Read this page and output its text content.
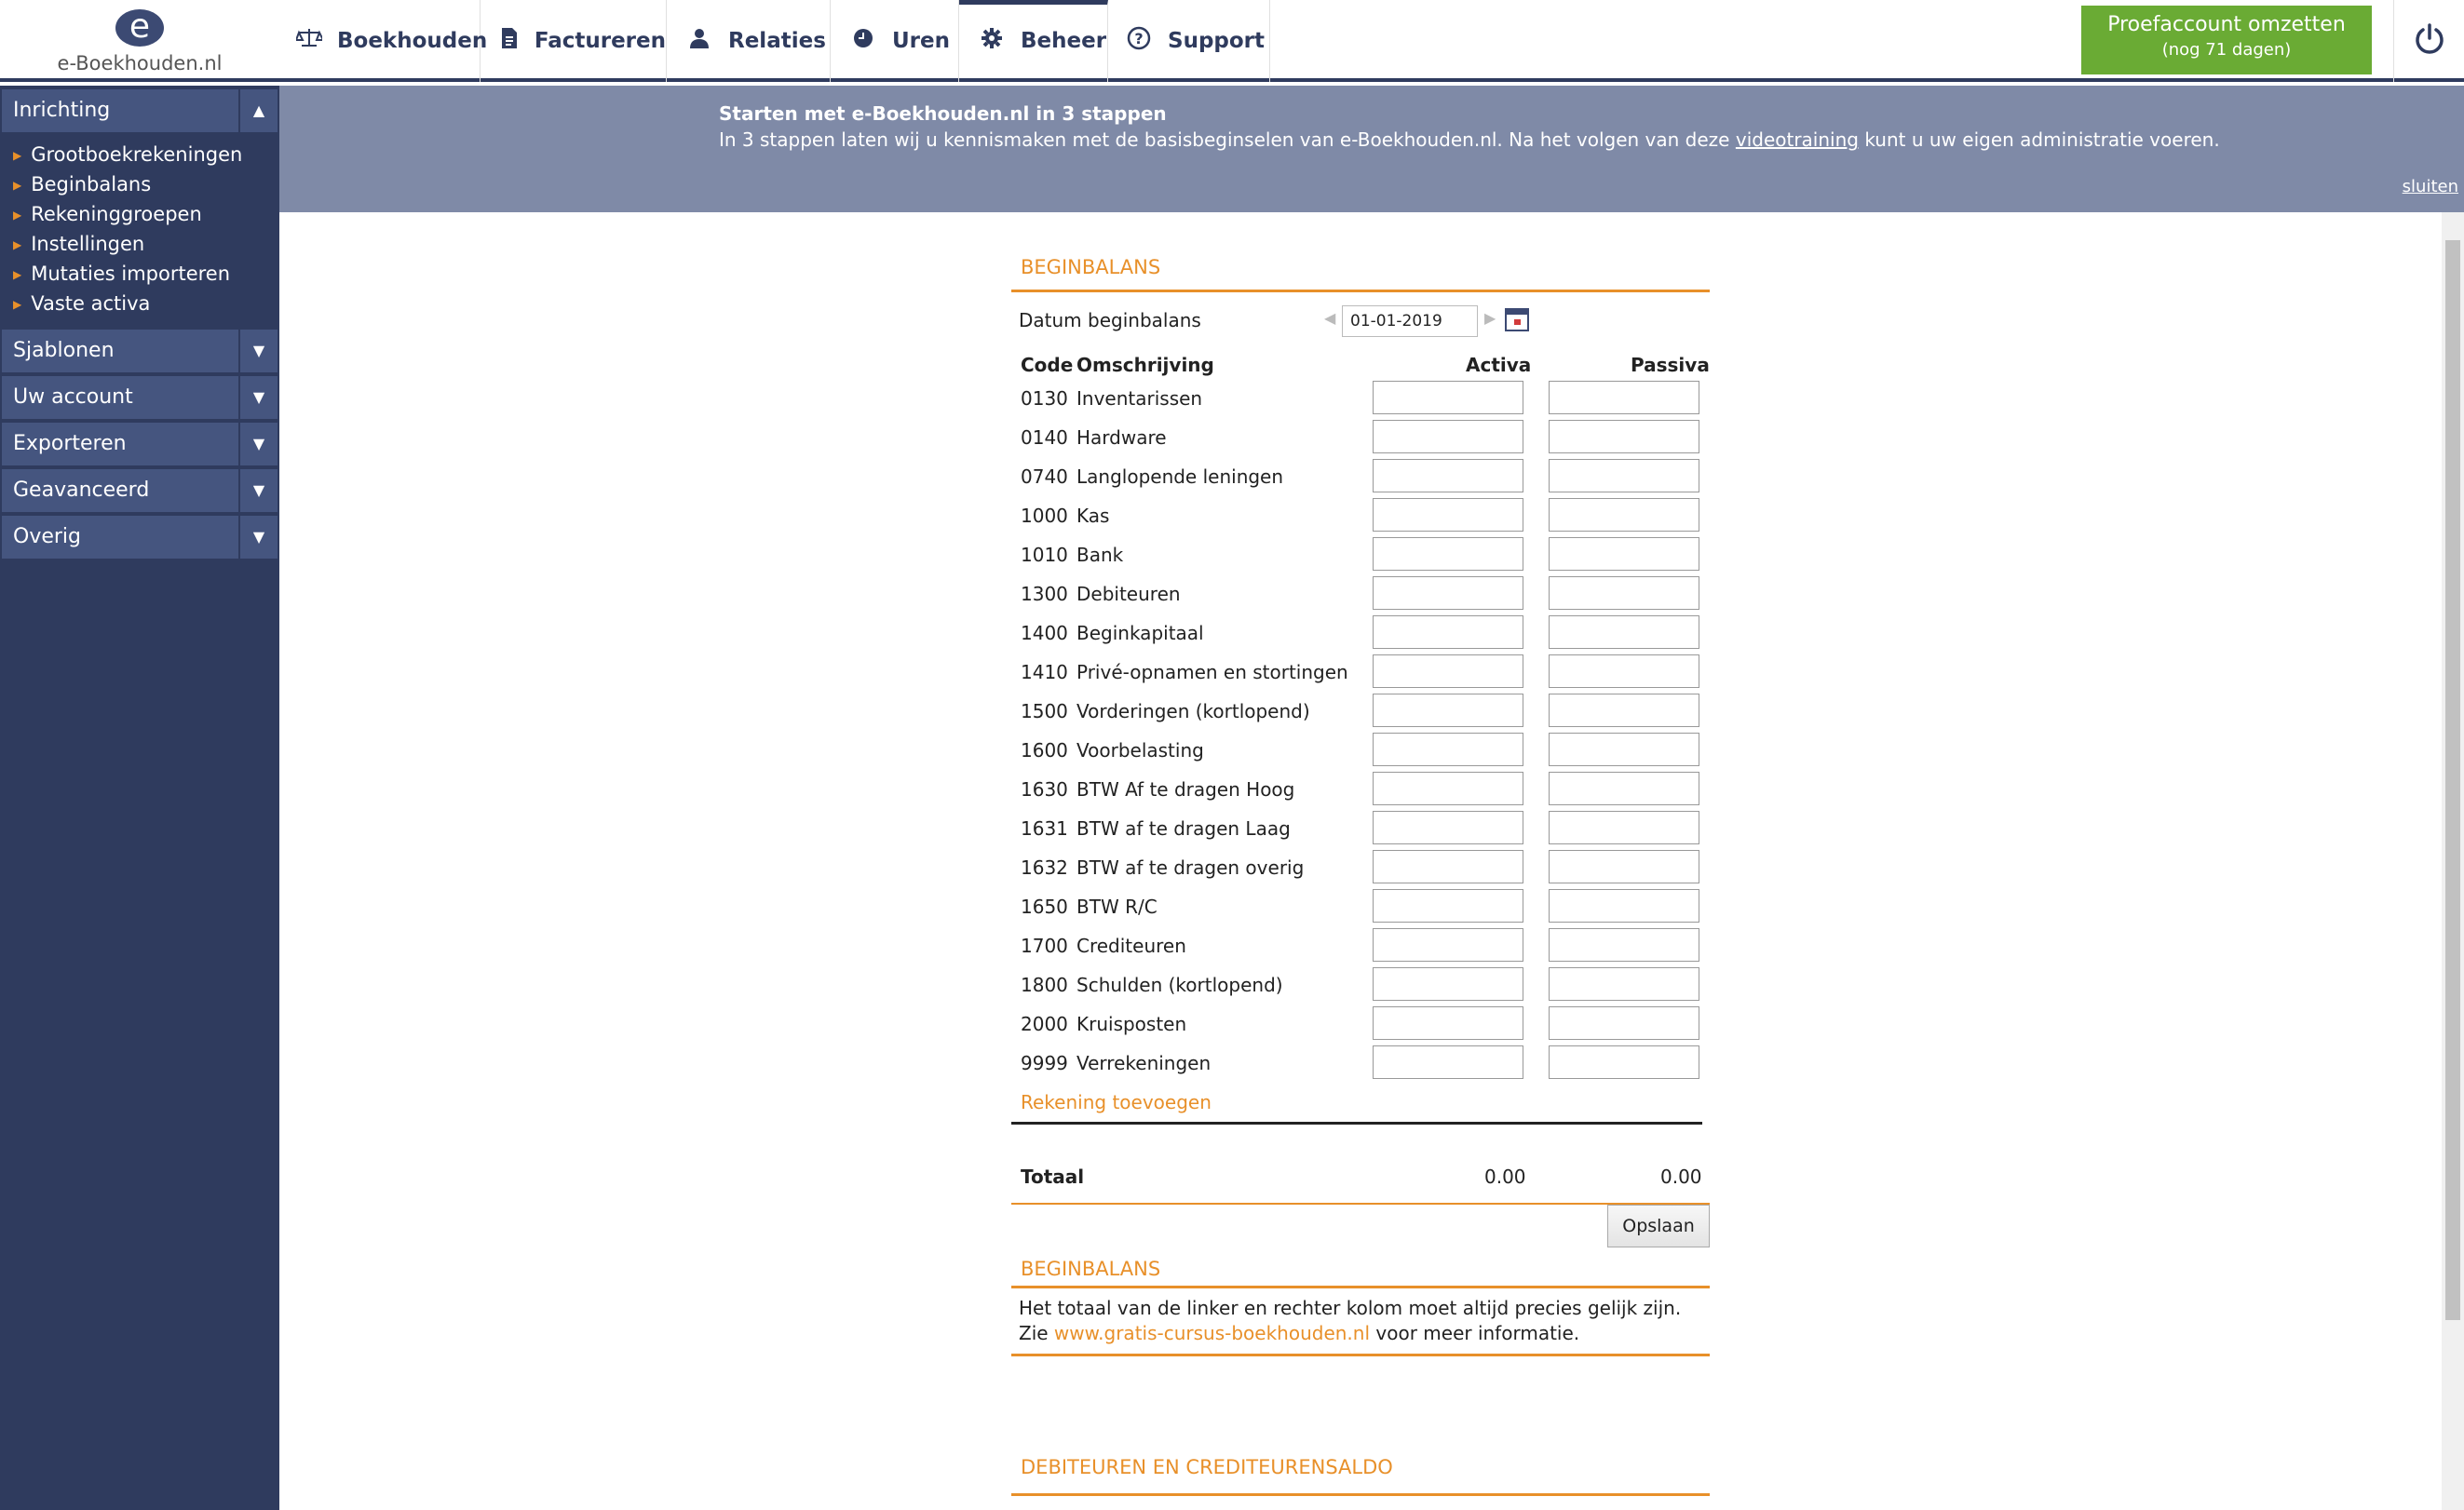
e
e-Boekhouden.nl
Boekhouden Factureren	Relaties	Uren	Beheer ? Support
Proefaccount omzetten
(nog 71 dagen)
Inrichting	▲
▶ Grootboekrekeningen
▶ Beginbalans
▶ Rekeninggroepen
▶ Instellingen
▶ Mutaties importeren
▶ Vaste activa
Sjablonen	▼
Uw account	▼
Exporteren	▼
Geavanceerd	▼
Overig	▼
Starten met e-Boekhouden.nl in 3 stappen
In 3 stappen laten wij u kennismaken met de basisbeginselen van e-Boekhouden.nl. Na het volgen van deze videotraining kunt u uw eigen administratie voeren.
sluiten
BEGINBALANS
Datum beginbalans	◀ 01-01-2019	▶
Code Omschrijving	Activa	Passiva
0130 Inventarissen
0140 Hardware
0740 Langlopende leningen
1000 Kas
1010 Bank
1300 Debiteuren
1400 Beginkapitaal
1410 Privé-opnamen en stortingen
1500 Vorderingen (kortlopend)
1600 Voorbelasting
1630 BTW Af te dragen Hoog
1631 BTW af te dragen Laag
1632 BTW af te dragen overig
1650 BTW R/C
1700 Crediteuren
1800 Schulden (kortlopend)
2000 Kruisposten
9999 Verrekeningen
Rekening toevoegen
Totaal	0.00	0.00
Opslaan
BEGINBALANS
Het totaal van de linker en rechter kolom moet altijd precies gelijk zijn. Zie www.gratis-cursus-boekhouden.nl voor meer informatie.
DEBITEUREN EN CREDITEURENSALDO
